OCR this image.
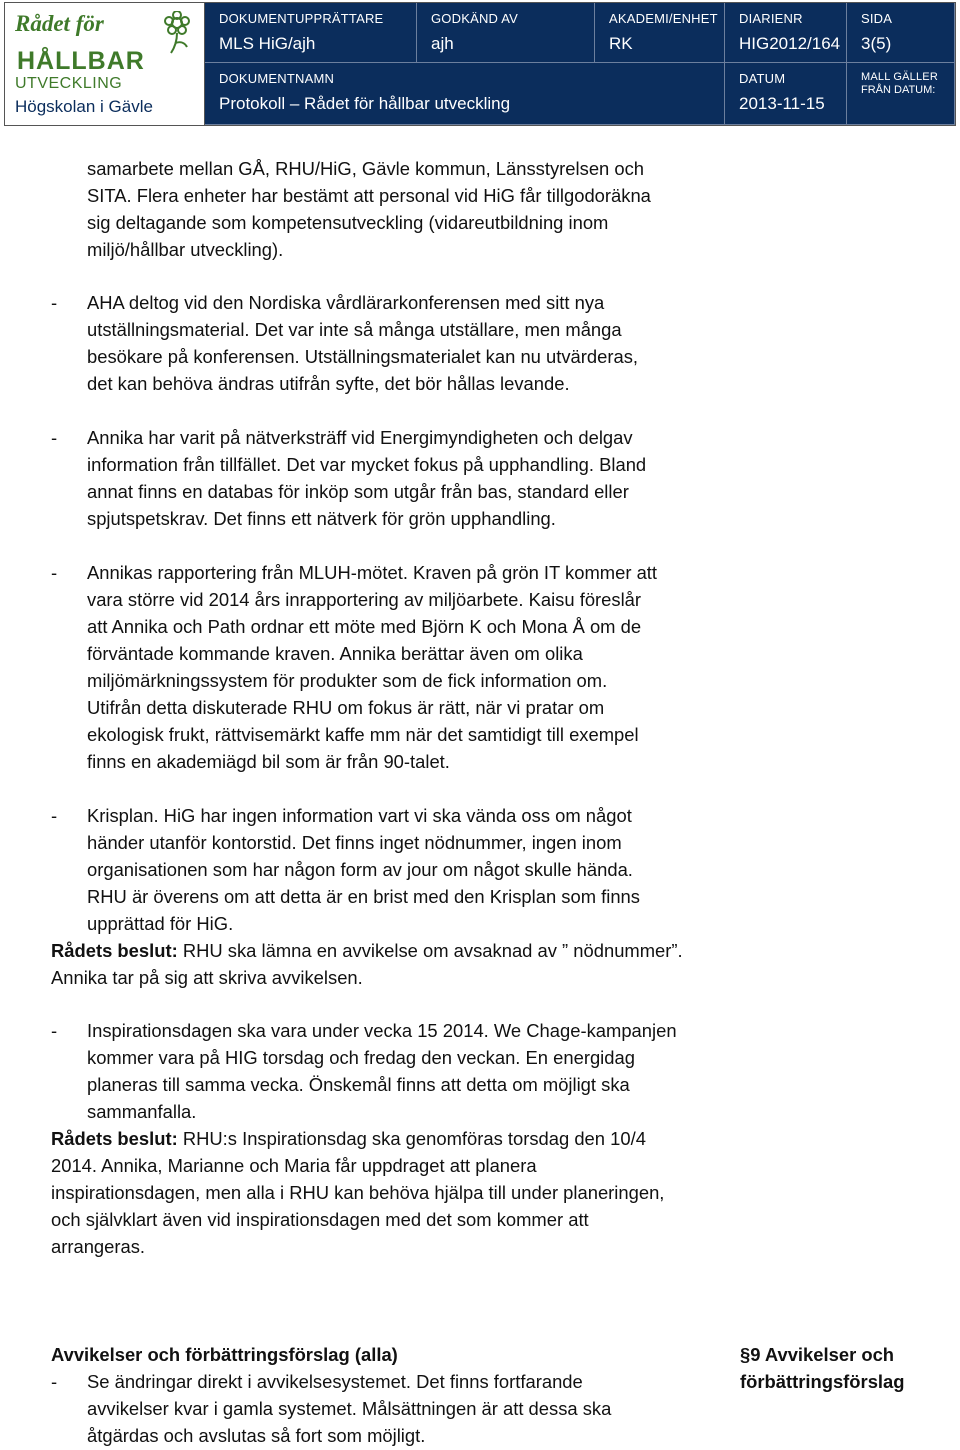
Rådet för
HÅLLBAR
UTVECKLING
Högskolan i Gävle
DOKUMENTUPPRÄTTARE
MLS HiG/ajh
GODKÄND AV
ajh
AKADEMI/ENHET
RK
DIARIENR
HIG2012/164
SIDA
3(5)
DOKUMENTNAMN
Protokoll – Rådet för hållbar utveckling
DATUM
2013-11-15
MALL GÄLLER
FRÅN DATUM:
samarbete mellan GÅ, RHU/HiG, Gävle kommun, Länsstyrelsen och
SITA. Flera enheter har bestämt att personal vid HiG får tillgodoräkna
sig deltagande som kompetensutveckling (vidareutbildning inom
miljö/hållbar utveckling).
- AHA deltog vid den Nordiska vårdlärarkonferensen med sitt nya
utställningsmaterial. Det var inte så många utställare, men många
besökare på konferensen. Utställningsmaterialet kan nu utvärderas,
det kan behöva ändras utifrån syfte, det bör hållas levande.
- Annika har varit på nätverksträff vid Energimyndigheten och delgav
information från tillfället. Det var mycket fokus på upphandling. Bland
annat finns en databas för inköp som utgår från bas, standard eller
spjutspetskrav. Det finns ett nätverk för grön upphandling.
- Annikas rapportering från MLUH-mötet. Kraven på grön IT kommer att
vara större vid 2014 års inrapportering av miljöarbete. Kaisu föreslår
att Annika och Path ordnar ett möte med Björn K och Mona Å om de
förväntade kommande kraven. Annika berättar även om olika
miljömärkningssystem för produkter som de fick information om.
Utifrån detta diskuterade RHU om fokus är rätt, när vi pratar om
ekologisk frukt, rättvisemärkt kaffe mm när det samtidigt till exempel
finns en akademiägd bil som är från 90-talet.
- Krisplan. HiG har ingen information vart vi ska vända oss om något
händer utanför kontorstid. Det finns inget nödnummer, ingen inom
organisationen som har någon form av jour om något skulle hända.
RHU är överens om att detta är en brist med den Krisplan som finns
upprättad för HiG.
Rådets beslut: RHU ska lämna en avvikelse om avsaknad av ” nödnummer”.
Annika tar på sig att skriva avvikelsen.
- Inspirationsdagen ska vara under vecka 15 2014. We Chage-kampanjen
kommer vara på HIG torsdag och fredag den veckan. En energidag
planeras till samma vecka. Önskemål finns att detta om möjligt ska
sammanfalla.
Rådets beslut: RHU:s Inspirationsdag ska genomföras torsdag den 10/4
2014. Annika, Marianne och Maria får uppdraget att planera
inspirationsdagen, men alla i RHU kan behöva hjälpa till under planeringen,
och självklart även vid inspirationsdagen med det som kommer att
arrangeras.
Avvikelser och förbättringsförslag (alla)	§9 Avvikelser och
förbättringsförslag
- Se ändringar direkt i avvikelsesystemet. Det finns fortfarande
avvikelser kvar i gamla systemet. Målsättningen är att dessa ska
åtgärdas och avslutas så fort som möjligt.
